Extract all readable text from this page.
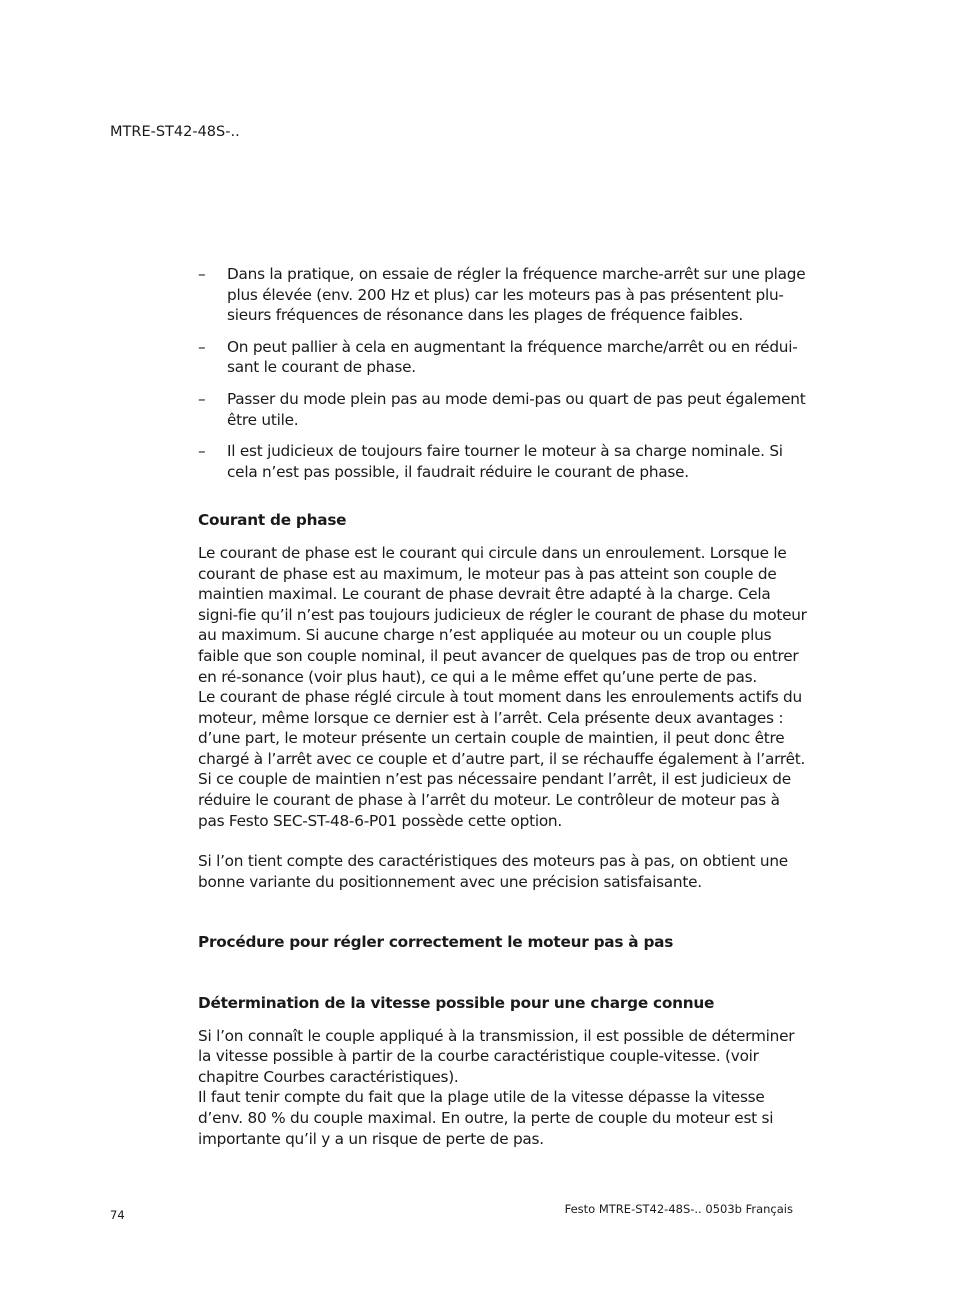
MTRE-ST42-48S-..
– Dans la pratique, on essaie de régler la fréquence marche-arrêt sur une plage plus élevée (env. 200 Hz et plus) car les moteurs pas à pas présentent plu-sieurs fréquences de résonance dans les plages de fréquence faibles.
– On peut pallier à cela en augmentant la fréquence marche/arrêt ou en rédui-sant le courant de phase.
– Passer du mode plein pas au mode demi-pas ou quart de pas peut également être utile.
– Il est judicieux de toujours faire tourner le moteur à sa charge nominale. Si cela n’est pas possible, il faudrait réduire le courant de phase.

Courant de phase

Le courant de phase est le courant qui circule dans un enroulement. Lorsque le courant de phase est au maximum, le moteur pas à pas atteint son couple de maintien maximal. Le courant de phase devrait être adapté à la charge. Cela signi-fie qu’il n’est pas toujours judicieux de régler le courant de phase du moteur au maximum. Si aucune charge n’est appliquée au moteur ou un couple plus faible que son couple nominal, il peut avancer de quelques pas de trop ou entrer en ré-sonance (voir plus haut), ce qui a le même effet qu’une perte de pas.

Le courant de phase réglé circule à tout moment dans les enroulements actifs du moteur, même lorsque ce dernier est à l’arrêt. Cela présente deux avantages : d’une part, le moteur présente un certain couple de maintien, il peut donc être chargé à l’arrêt avec ce couple et d’autre part, il se réchauffe également à l’arrêt. Si ce couple de maintien n’est pas nécessaire pendant l’arrêt, il est judicieux de réduire le courant de phase à l’arrêt du moteur. Le contrôleur de moteur pas à pas Festo SEC-ST-48-6-P01 possède cette option.

Si l’on tient compte des caractéristiques des moteurs pas à pas, on obtient une bonne variante du positionnement avec une précision satisfaisante.

Procédure pour régler correctement le moteur pas à pas

Détermination de la vitesse possible pour une charge connue

Si l’on connaît le couple appliqué à la transmission, il est possible de déterminer la vitesse possible à partir de la courbe caractéristique couple-vitesse. (voir chapitre Courbes caractéristiques).

Il faut tenir compte du fait que la plage utile de la vitesse dépasse la vitesse d’env. 80 % du couple maximal. En outre, la perte de couple du moteur est si importante qu’il y a un risque de perte de pas.

74	Festo MTRE-ST42-48S-.. 0503b Français
